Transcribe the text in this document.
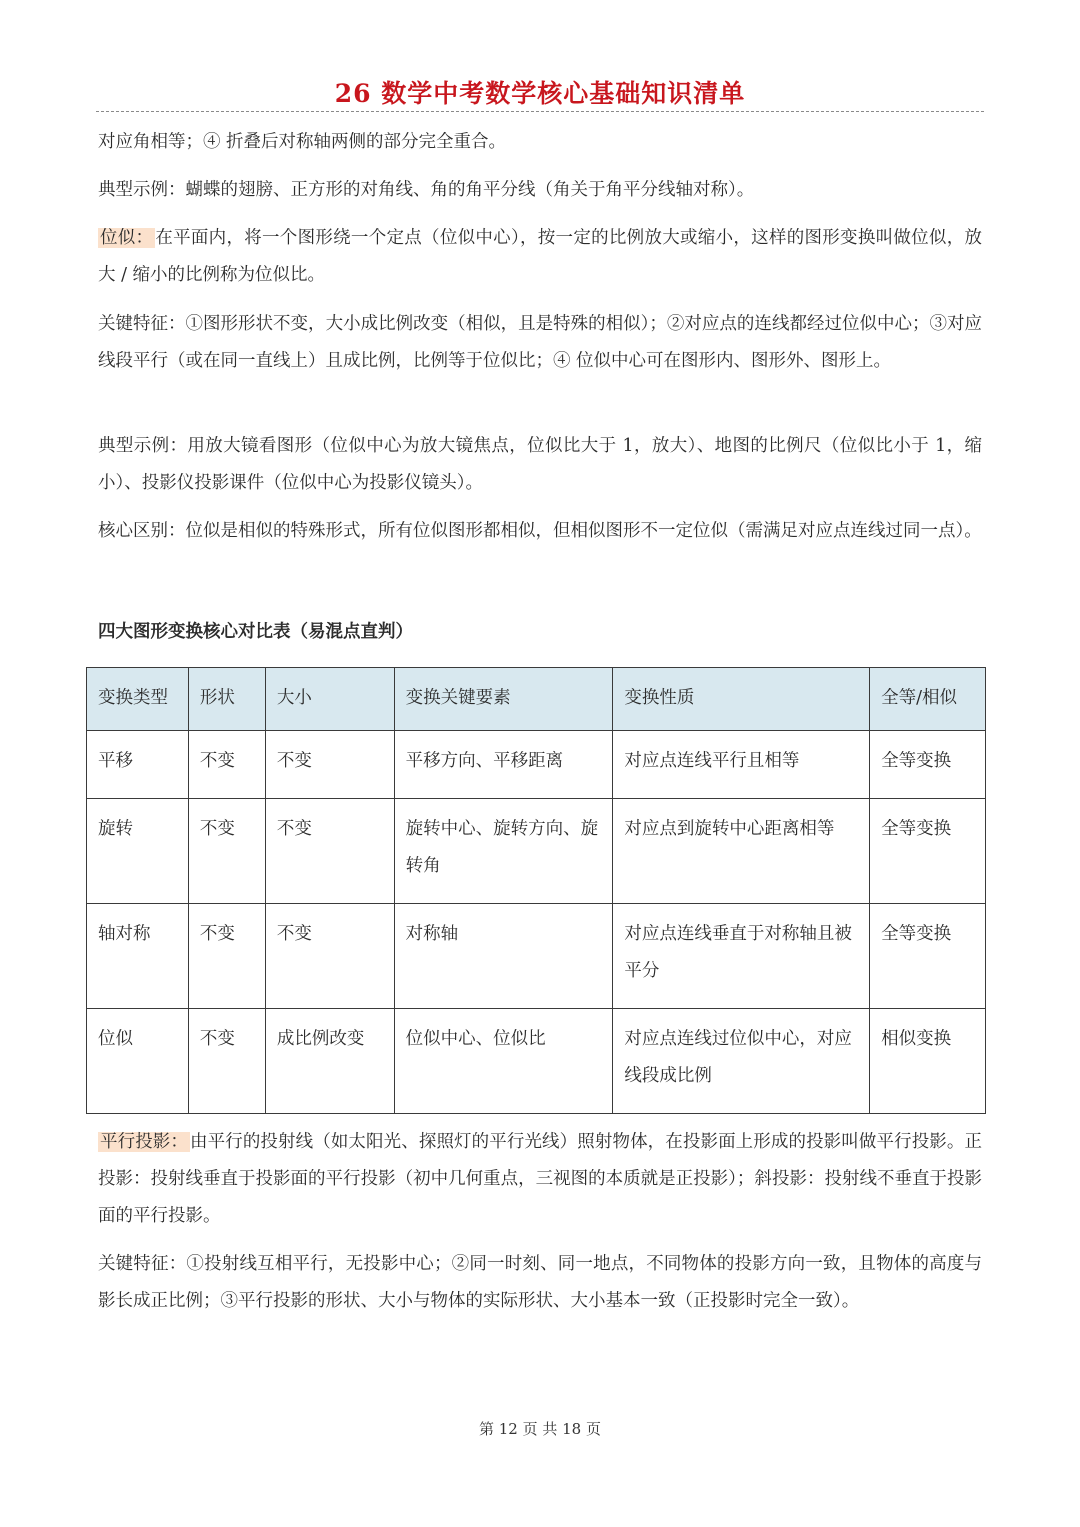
26 数学中考数学核心基础知识清单

对应角相等；④ 折叠后对称轴两侧的部分完全重合。

典型示例：蝴蝶的翅膀、正方形的对角线、角的角平分线（角关于角平分线轴对称）。

位似： 在平面内，将一个图形绕一个定点（位似中心），按一定的比例放大或缩小，这样的图形变换叫做位似，放大 / 缩小的比例称为位似比。

关键特征：①图形形状不变，大小成比例改变（相似，且是特殊的相似）；②对应点的连线都经过位似中心；③对应线段平行（或在同一直线上）且成比例，比例等于位似比；④ 位似中心可在图形内、图形外、图形上。

典型示例：用放大镜看图形（位似中心为放大镜焦点，位似比大于 1，放大）、地图的比例尺（位似比小于 1，缩小）、投影仪投影课件（位似中心为投影仪镜头）。

核心区别：位似是相似的特殊形式，所有位似图形都相似，但相似图形不一定位似（需满足对应点连线过同一点）。

四大图形变换核心对比表（易混点直判）
变换类型	形状	大小	变换关键要素	变换性质	全等/相似
平移	不变	不变	平移方向、平移距离	对应点连线平行且相等	全等变换
旋转	不变	不变	旋转中心、旋转方向、旋转角	对应点到旋转中心距离相等	全等变换
轴对称	不变	不变	对称轴	对应点连线垂直于对称轴且被平分	全等变换
位似	不变	成比例改变	位似中心、位似比	对应点连线过位似中心，对应线段成比例	相似变换

平行投影： 由平行的投射线（如太阳光、探照灯的平行光线）照射物体，在投影面上形成的投影叫做平行投影。正投影：投射线垂直于投影面的平行投影（初中几何重点，三视图的本质就是正投影）；斜投影：投射线不垂直于投影面的平行投影。

关键特征：①投射线互相平行，无投影中心；②同一时刻、同一地点，不同物体的投影方向一致，且物体的高度与影长成正比例；③平行投影的形状、大小与物体的实际形状、大小基本一致（正投影时完全一致）。

第 12 页 共 18 页
